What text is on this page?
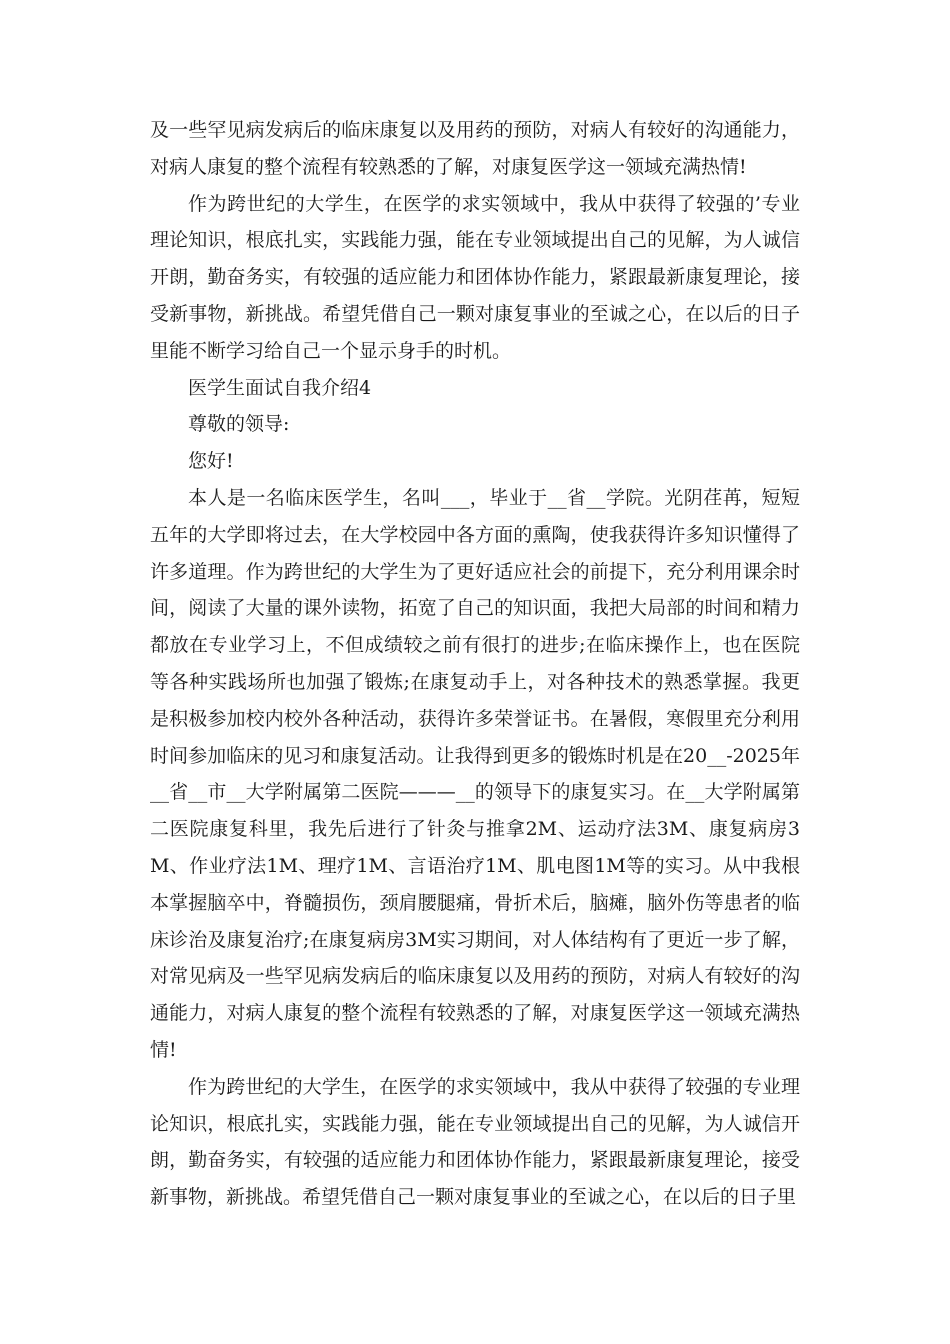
及一些罕见病发病后的临床康复以及用药的预防，对病人有较好的沟通能力，对病人康复的整个流程有较熟悉的了解，对康复医学这一领域充满热情!

作为跨世纪的大学生，在医学的求实领域中，我从中获得了较强的’专业理论知识，根底扎实，实践能力强，能在专业领域提出自己的见解，为人诚信开朗，勤奋务实，有较强的适应能力和团体协作能力，紧跟最新康复理论，接受新事物，新挑战。希望凭借自己一颗对康复事业的至诚之心，在以后的日子里能不断学习给自己一个显示身手的时机。

医学生面试自我介绍4

尊敬的领导:

您好!

本人是一名临床医学生，名叫___，毕业于__省__学院。光阴荏苒，短短五年的大学即将过去，在大学校园中各方面的熏陶，使我获得许多知识懂得了许多道理。作为跨世纪的大学生为了更好适应社会的前提下，充分利用课余时间，阅读了大量的课外读物，拓宽了自己的知识面，我把大局部的时间和精力都放在专业学习上，不但成绩较之前有很打的进步;在临床操作上，也在医院等各种实践场所也加强了锻炼;在康复动手上，对各种技术的熟悉掌握。我更是积极参加校内校外各种活动，获得许多荣誉证书。在暑假，寒假里充分利用时间参加临床的见习和康复活动。让我得到更多的锻炼时机是在20__-2025年__省__市__大学附属第二医院———__的领导下的康复实习。在__大学附属第二医院康复科里，我先后进行了针灸与推拿2M、运动疗法3M、康复病房3M、作业疗法1M、理疗1M、言语治疗1M、肌电图1M等的实习。从中我根本掌握脑卒中，脊髓损伤，颈肩腰腿痛，骨折术后，脑瘫，脑外伤等患者的临床诊治及康复治疗;在康复病房3M实习期间，对人体结构有了更近一步了解，对常见病及一些罕见病发病后的临床康复以及用药的预防，对病人有较好的沟通能力，对病人康复的整个流程有较熟悉的了解，对康复医学这一领域充满热情!

作为跨世纪的大学生，在医学的求实领域中，我从中获得了较强的专业理论知识，根底扎实，实践能力强，能在专业领域提出自己的见解，为人诚信开朗，勤奋务实，有较强的适应能力和团体协作能力，紧跟最新康复理论，接受新事物，新挑战。希望凭借自己一颗对康复事业的至诚之心，在以后的日子里
